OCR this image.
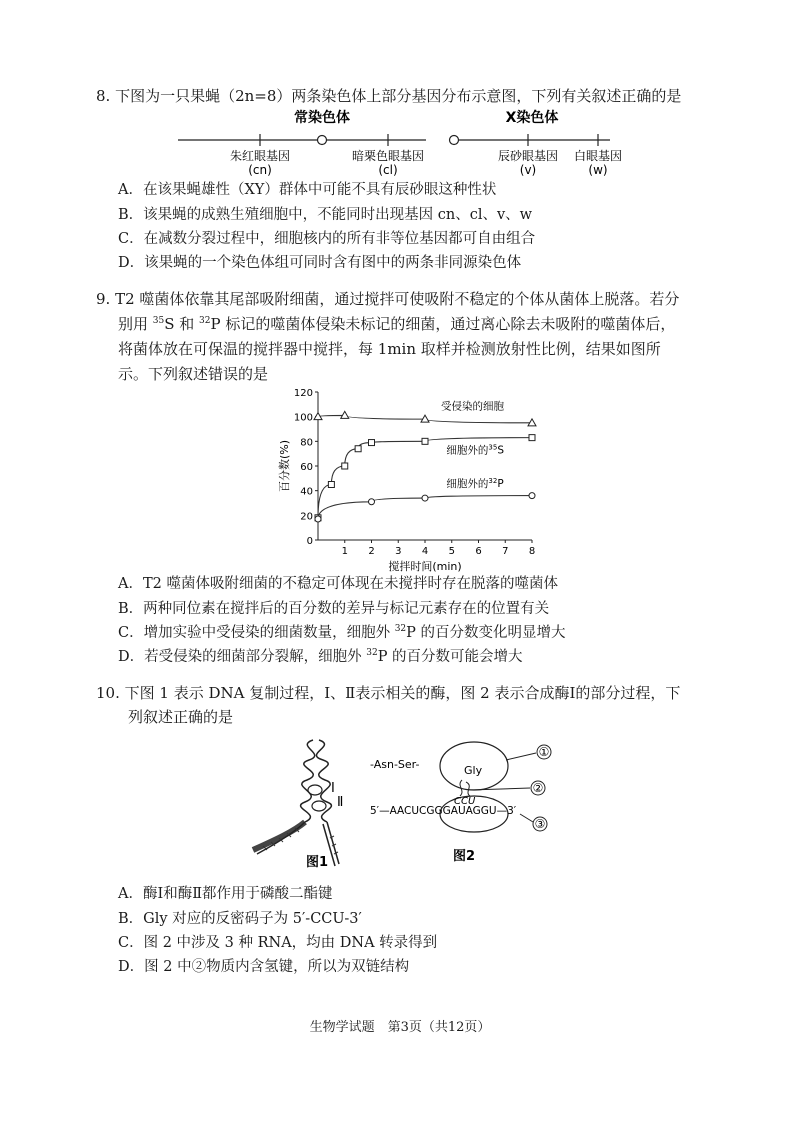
8. 下图为一只果蝇（2n=8）两条染色体上部分基因分布示意图，下列有关叙述正确的是
常染色体	X染色体
朱红眼基因
(cn)
暗栗色眼基因
(cl)
辰砂眼基因
(v)
白眼基因
(w)
A．在该果蝇雄性（XY）群体中可能不具有辰砂眼这种性状
B．该果蝇的成熟生殖细胞中，不能同时出现基因 cn、cl、v、w
C．在减数分裂过程中，细胞核内的所有非等位基因都可自由组合
D．该果蝇的一个染色体组可同时含有图中的两条非同源染色体
9. T2 噬菌体依靠其尾部吸附细菌，通过搅拌可使吸附不稳定的个体从菌体上脱落。若分
别用 $^{35}$S 和 $^{32}$P 标记的噬菌体侵染未标记的细菌，通过离心除去未吸附的噬菌体后，
将菌体放在可保温的搅拌器中搅拌，每 1min 取样并检测放射性比例，结果如图所
示。下列叙述错误的是
20
40
60
80
100
120
0
1 2 3 4 5 6 7 8
搅拌时间(min)
百分数(%)
受侵染的细胞
细胞外的$^{35}$S
细胞外的$^{32}$P
A．T2 噬菌体吸附细菌的不稳定可体现在未搅拌时存在脱落的噬菌体
B．两种同位素在搅拌后的百分数的差异与标记元素存在的位置有关
C．增加实验中受侵染的细菌数量，细胞外 $^{32}$P 的百分数变化明显增大
D．若受侵染的细菌部分裂解，细胞外 $^{32}$P 的百分数可能会增大
10. 下图 1 表示 DNA 复制过程，Ⅰ、Ⅱ表示相关的酶，图 2 表示合成酶Ⅰ的部分过程，下
列叙述正确的是
Ⅰ
Ⅱ
图1
-Asn-Ser-	Gly
CCU
5′—AACUCGGGAUAGGU—3′
①
②
③
图2
A．酶Ⅰ和酶Ⅱ都作用于磷酸二酯键
B．Gly 对应的反密码子为 5′-CCU-3′
C．图 2 中涉及 3 种 RNA，均由 DNA 转录得到
D．图 2 中②物质内含氢键，所以为双链结构
生物学试题　第3页（共12页）
